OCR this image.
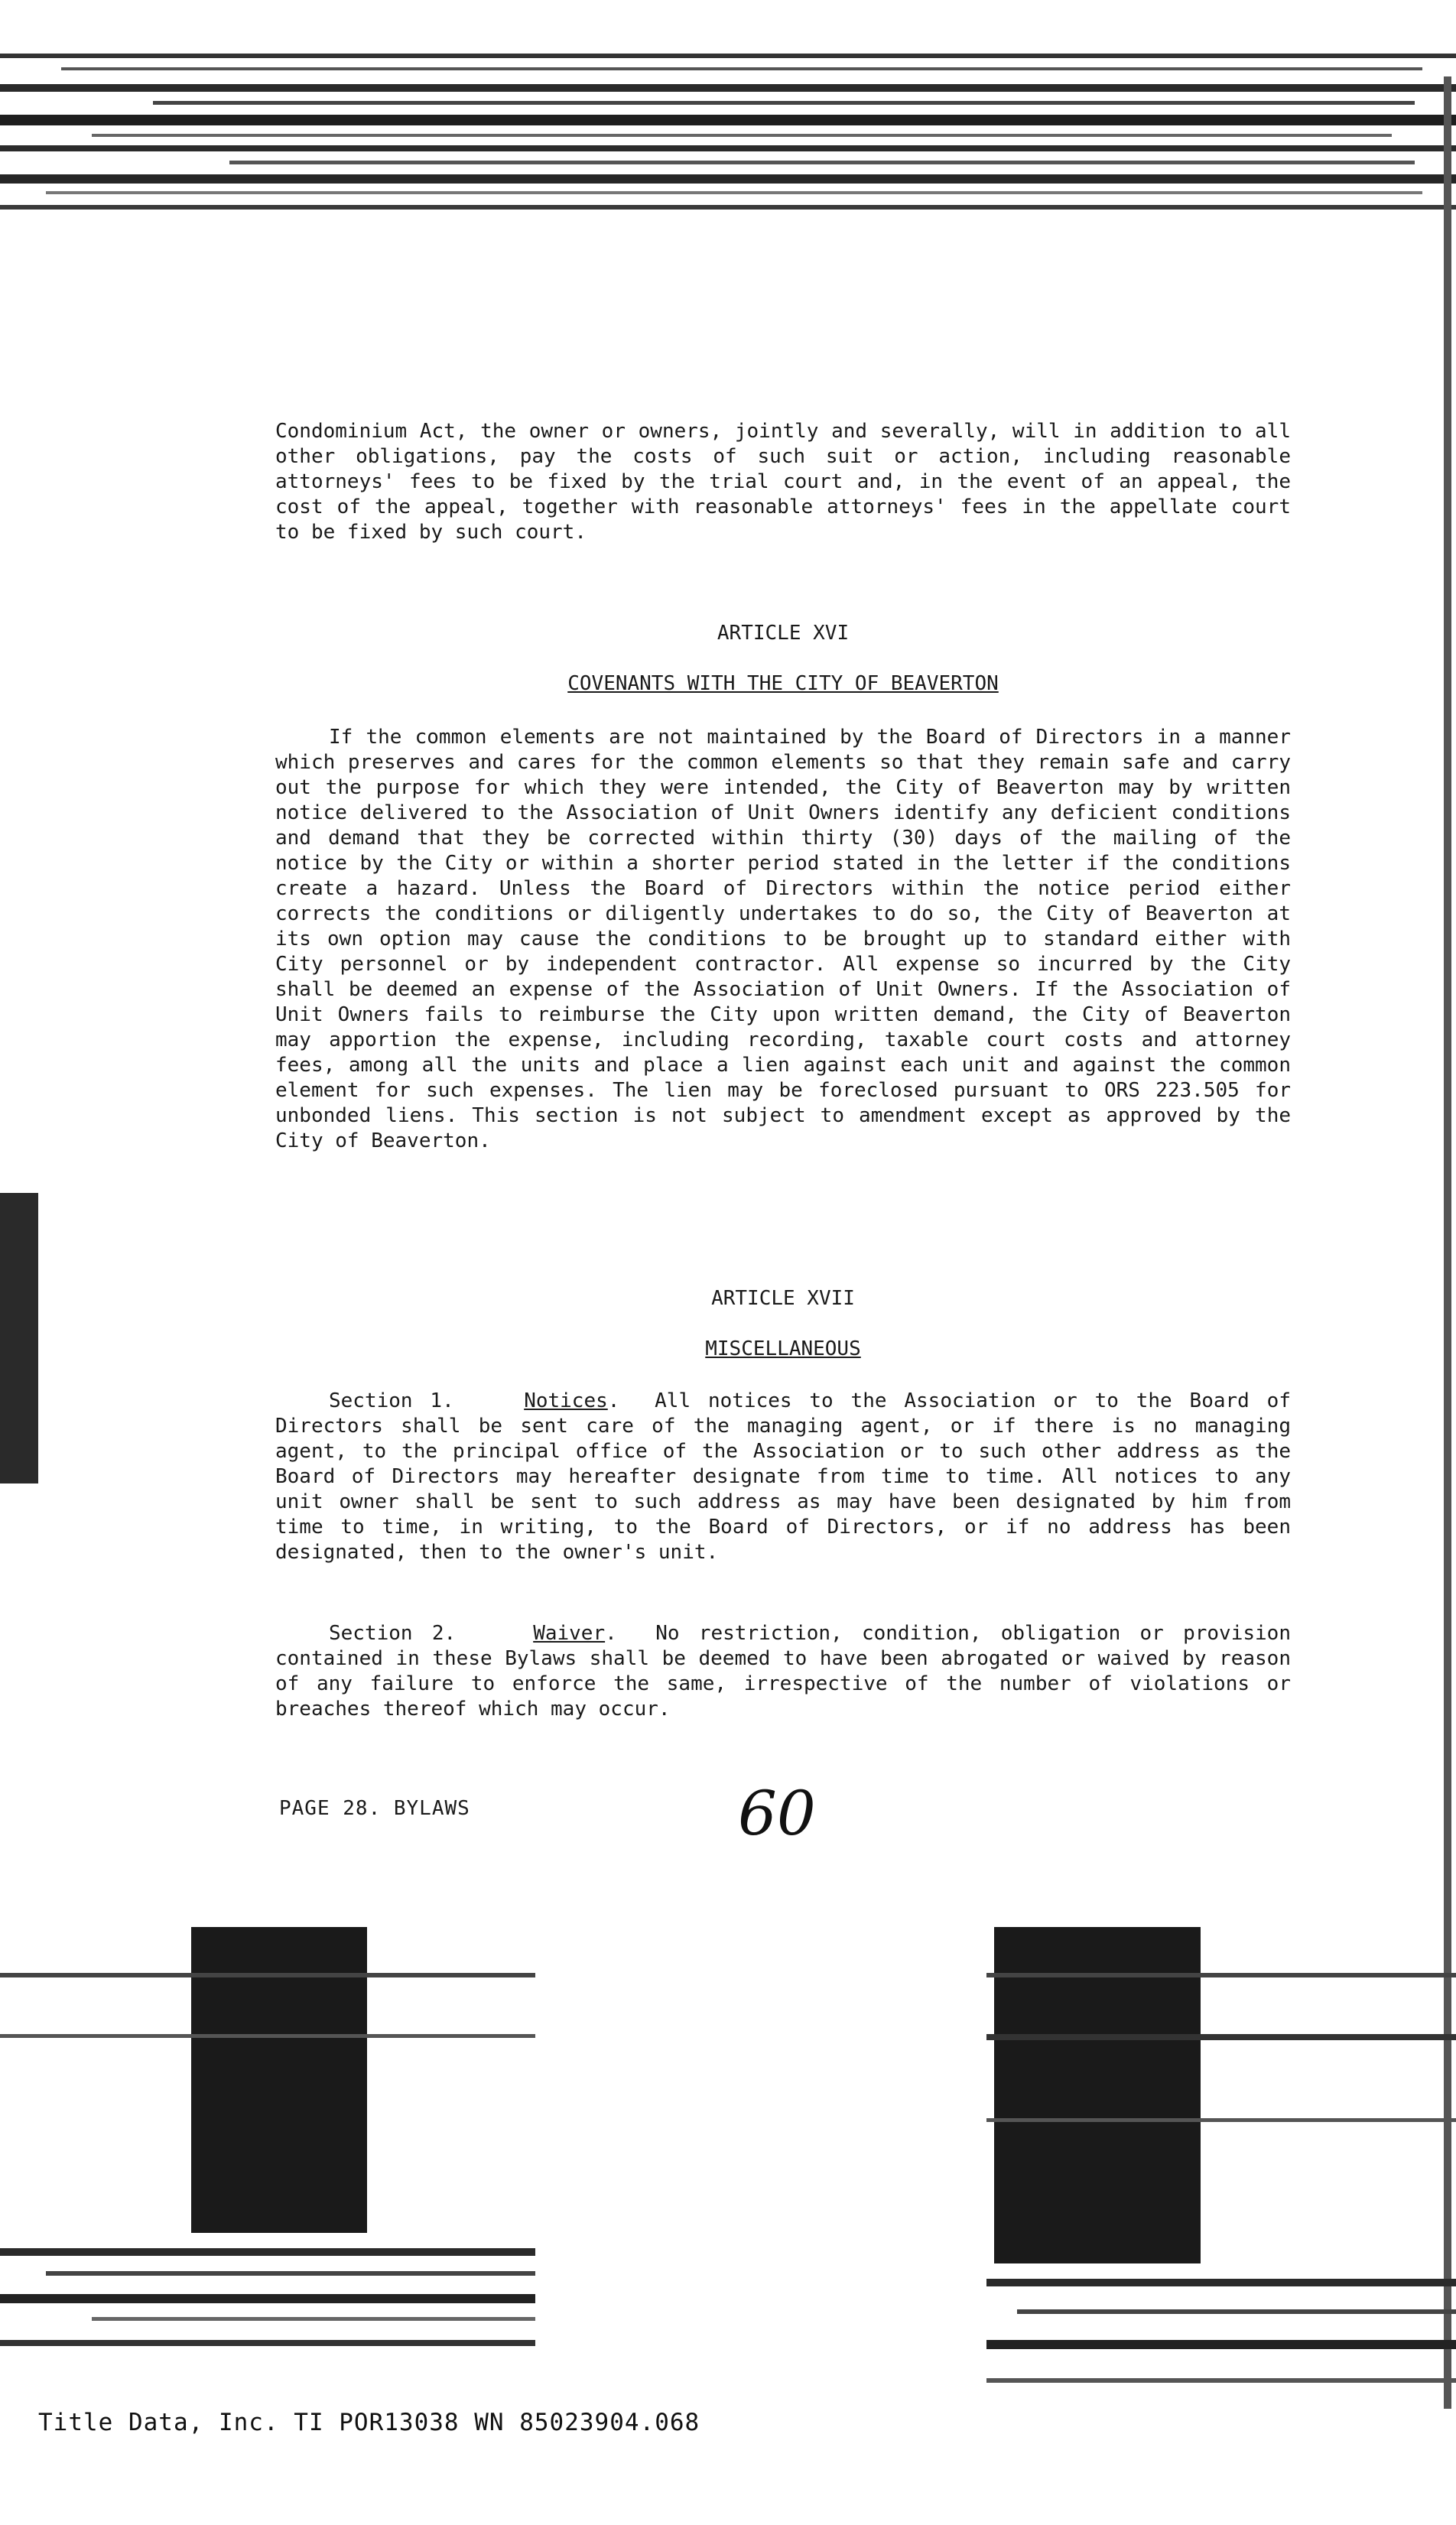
Condominium Act, the owner or owners, jointly and severally, will in addition to all other obligations, pay the costs of such suit or action, including reasonable attorneys' fees to be fixed by the trial court and, in the event of an appeal, the cost of the appeal, together with reasonable attorneys' fees in the appellate court to be fixed by such court.
ARTICLE XVI
COVENANTS WITH THE CITY OF BEAVERTON
If the common elements are not maintained by the Board of Directors in a manner which preserves and cares for the common elements so that they remain safe and carry out the purpose for which they were intended, the City of Beaverton may by written notice delivered to the Association of Unit Owners identify any deficient conditions and demand that they be corrected within thirty (30) days of the mailing of the notice by the City or within a shorter period stated in the letter if the conditions create a hazard. Unless the Board of Directors within the notice period either corrects the conditions or diligently undertakes to do so, the City of Beaverton at its own option may cause the conditions to be brought up to standard either with City personnel or by independent contractor. All expense so incurred by the City shall be deemed an expense of the Association of Unit Owners. If the Association of Unit Owners fails to reimburse the City upon written demand, the City of Beaverton may apportion the expense, including recording, taxable court costs and attorney fees, among all the units and place a lien against each unit and against the common element for such expenses. The lien may be foreclosed pursuant to ORS 223.505 for unbonded liens. This section is not subject to amendment except as approved by the City of Beaverton.
ARTICLE XVII
MISCELLANEOUS
Section 1.	Notices.  All notices to the Association or to the Board of Directors shall be sent care of the managing agent, or if there is no managing agent, to the principal office of the Association or to such other address as the Board of Directors may hereafter designate from time to time. All notices to any unit owner shall be sent to such address as may have been designated by him from time to time, in writing, to the Board of Directors, or if no address has been designated, then to the owner's unit.
Section 2.	Waiver.  No restriction, condition, obligation or provision contained in these Bylaws shall be deemed to have been abrogated or waived by reason of any failure to enforce the same, irrespective of the number of violations or breaches thereof which may occur.
PAGE 28. BYLAWS	60
Title Data, Inc. TI POR13038 WN 85023904.068
